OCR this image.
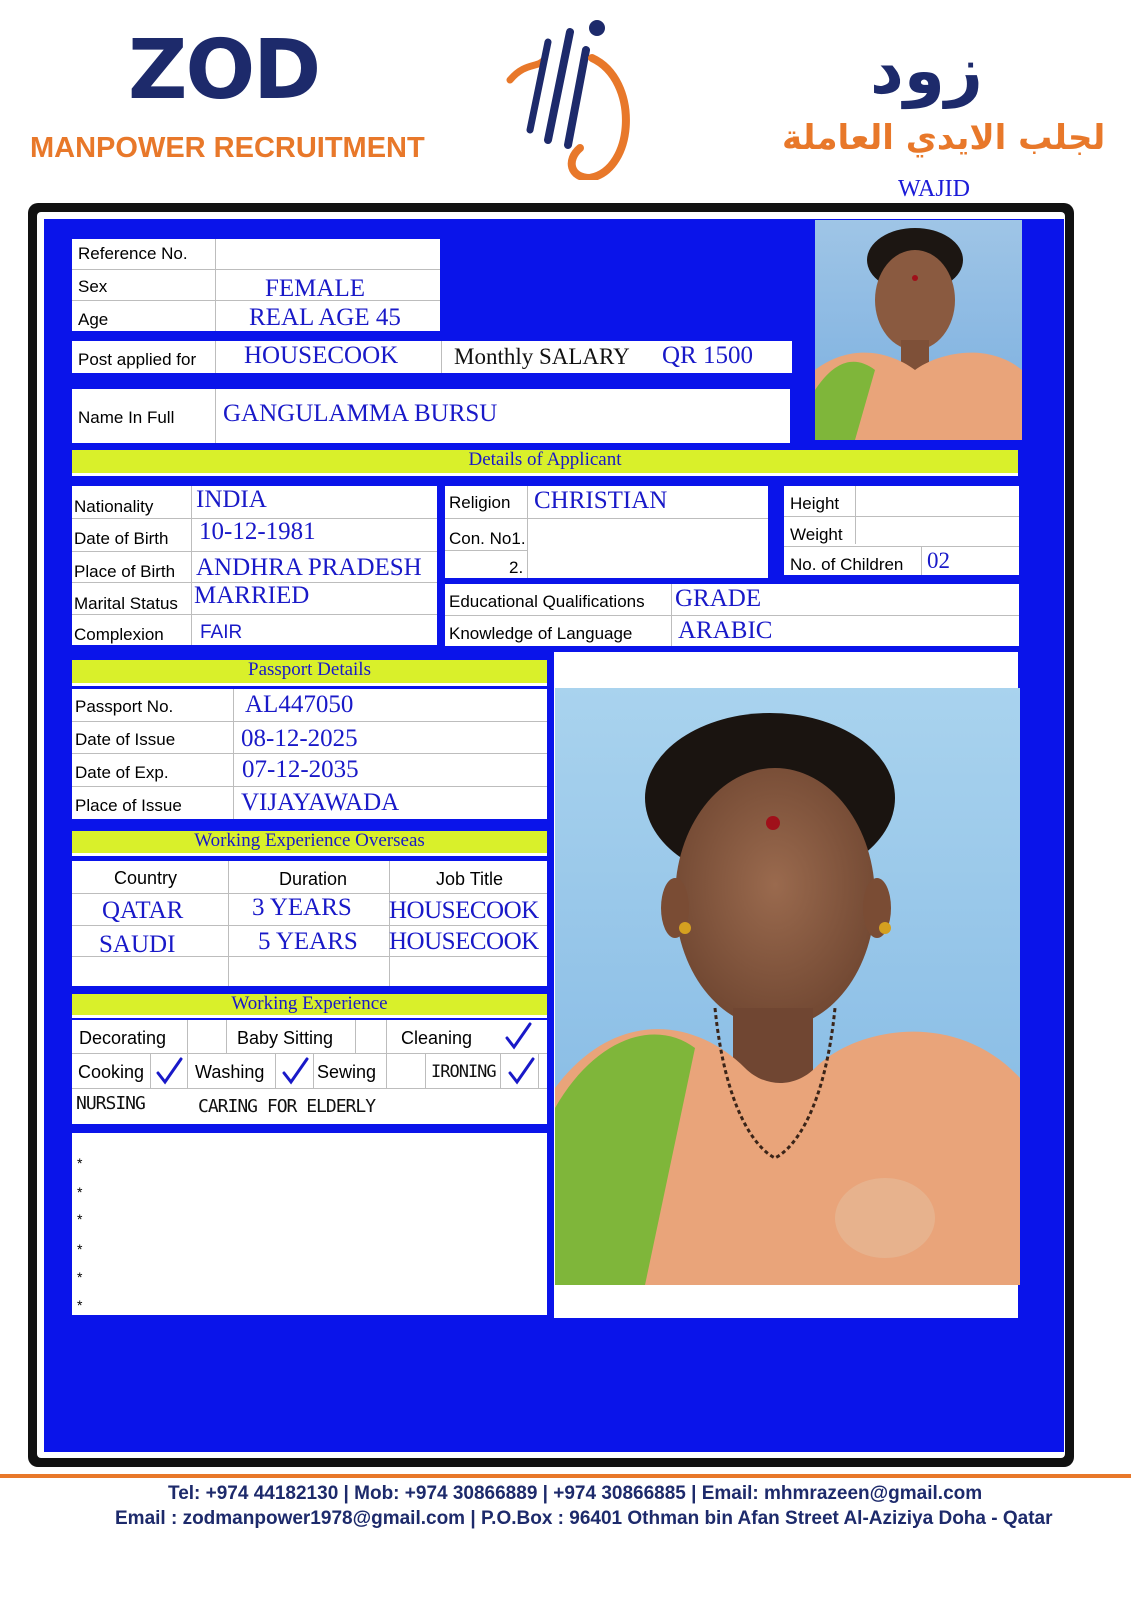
ZOD
MANPOWER RECRUITMENT
زود
لجلب الايدي العاملة
WAJID
Reference No.
Sex	FEMALE
Age	REAL AGE 45
Post applied for HOUSECOOK Monthly SALARY QR 1500
Name In Full GANGULAMMA BURSU
Details of Applicant
Nationality INDIA
Date of Birth 10-12-1981
Place of Birth ANDHRA PRADESH
Marital Status MARRIED
Complexion FAIR
Religion CHRISTIAN
Con. No1.
2.
Height
Weight
No. of Children 02
Educational Qualifications GRADE
Knowledge of Language ARABIC
Passport Details
Passport No.	AL447050
Date of Issue	08-12-2025
Date of Exp.	07-12-2035
Place of Issue VIJAYAWADA
Working Experience Overseas
Country	Duration	Job Title
QATAR	3 YEARS HOUSECOOK
SAUDI	5 YEARS HOUSECOOK
Working Experience
Decorating	Baby Sitting	Cleaning
Cooking	Washing	Sewing	IRONING
NURSING	CARING FOR ELDERLY
*
*
*
*
*
*
Tel: +974 44182130 | Mob: +974 30866889 | +974 30866885 | Email: mhmrazeen@gmail.com
Email : zodmanpower1978@gmail.com | P.O.Box : 96401 Othman bin Afan Street Al-Aziziya Doha - Qatar
